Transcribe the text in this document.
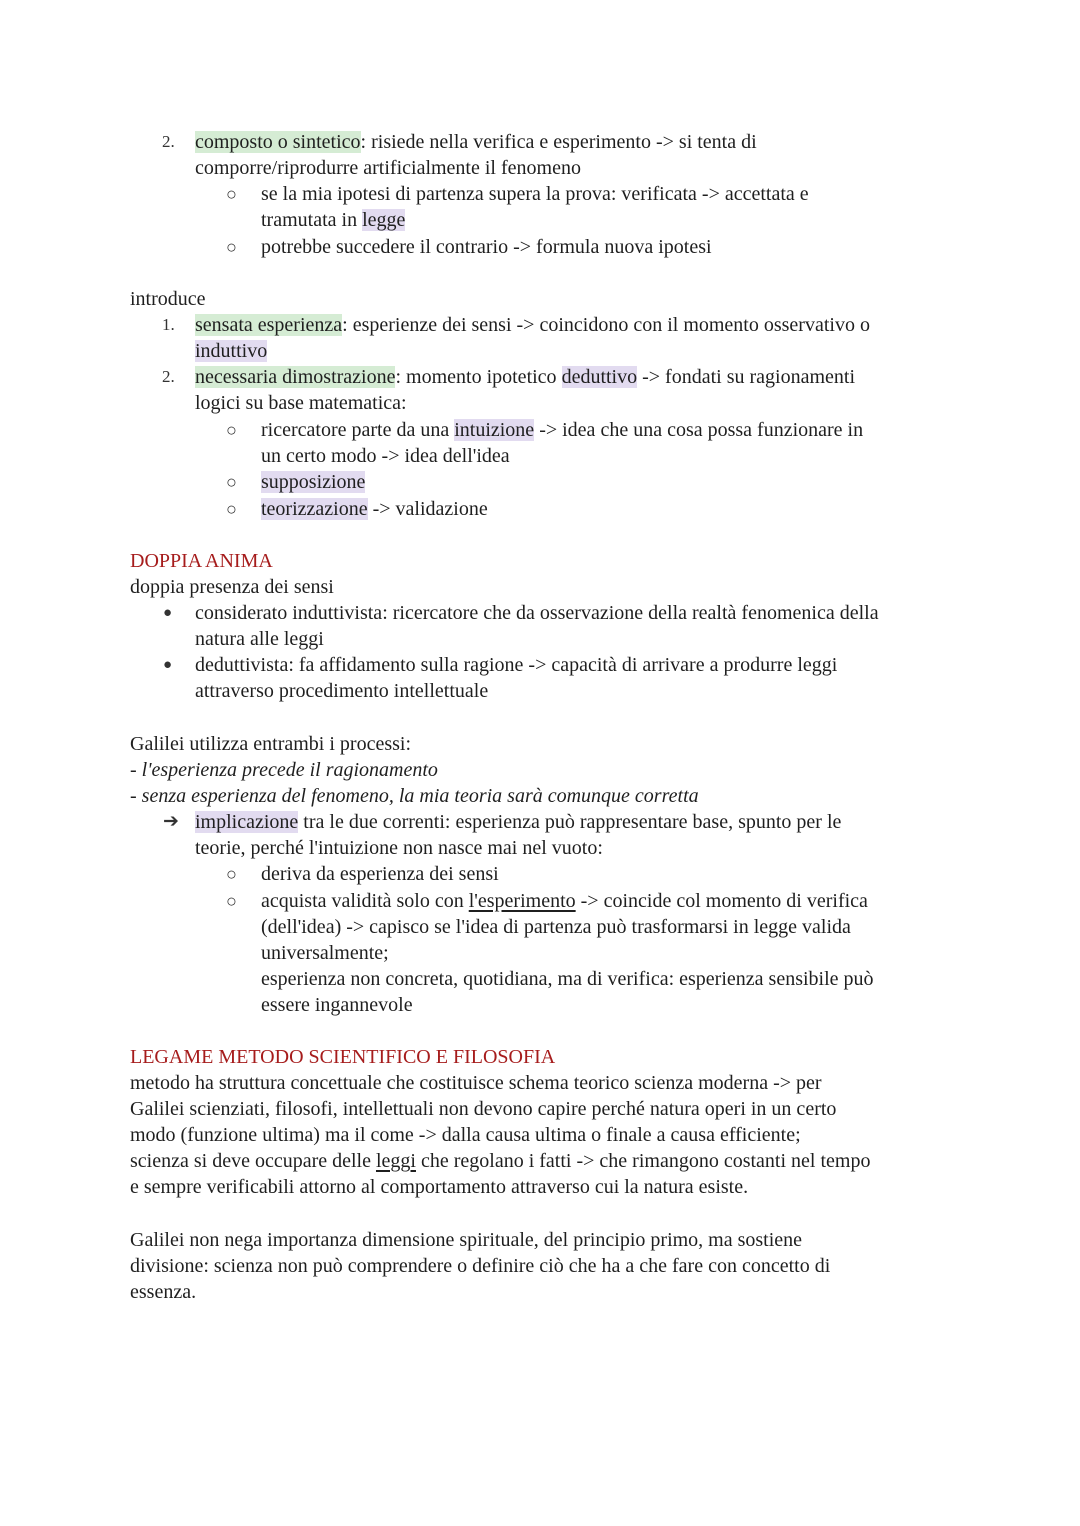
2. composto o sintetico: risiede nella verifica e esperimento -> si tenta di
comporre/riprodurre artificialmente il fenomeno
○ se la mia ipotesi di partenza supera la prova: verificata -> accettata e
tramutata in legge
○ potrebbe succedere il contrario -> formula nuova ipotesi
introduce
1. sensata esperienza: esperienze dei sensi -> coincidono con il momento osservativo o
induttivo
2. necessaria dimostrazione: momento ipotetico deduttivo -> fondati su ragionamenti
logici su base matematica:
○ ricercatore parte da una intuizione -> idea che una cosa possa funzionare in
un certo modo -> idea dell'idea
○ supposizione
○ teorizzazione -> validazione
DOPPIA ANIMA
doppia presenza dei sensi
● considerato induttivista: ricercatore che da osservazione della realtà fenomenica della
natura alle leggi
● deduttivista: fa affidamento sulla ragione -> capacità di arrivare a produrre leggi
attraverso procedimento intellettuale
Galilei utilizza entrambi i processi:
- l'esperienza precede il ragionamento
- senza esperienza del fenomeno, la mia teoria sarà comunque corretta
➔ implicazione tra le due correnti: esperienza può rappresentare base, spunto per le
teorie, perché l'intuizione non nasce mai nel vuoto:
○ deriva da esperienza dei sensi
○ acquista validità solo con l'esperimento -> coincide col momento di verifica
(dell'idea) -> capisco se l'idea di partenza può trasformarsi in legge valida
universalmente;
esperienza non concreta, quotidiana, ma di verifica: esperienza sensibile può
essere ingannevole
LEGAME METODO SCIENTIFICO E FILOSOFIA
metodo ha struttura concettuale che costituisce schema teorico scienza moderna -> per
Galilei scienziati, filosofi, intellettuali non devono capire perché natura operi in un certo
modo (funzione ultima) ma il come -> dalla causa ultima o finale a causa efficiente;
scienza si deve occupare delle leggi che regolano i fatti -> che rimangono costanti nel tempo
e sempre verificabili attorno al comportamento attraverso cui la natura esiste.
Galilei non nega importanza dimensione spirituale, del principio primo, ma sostiene
divisione: scienza non può comprendere o definire ciò che ha a che fare con concetto di
essenza.
